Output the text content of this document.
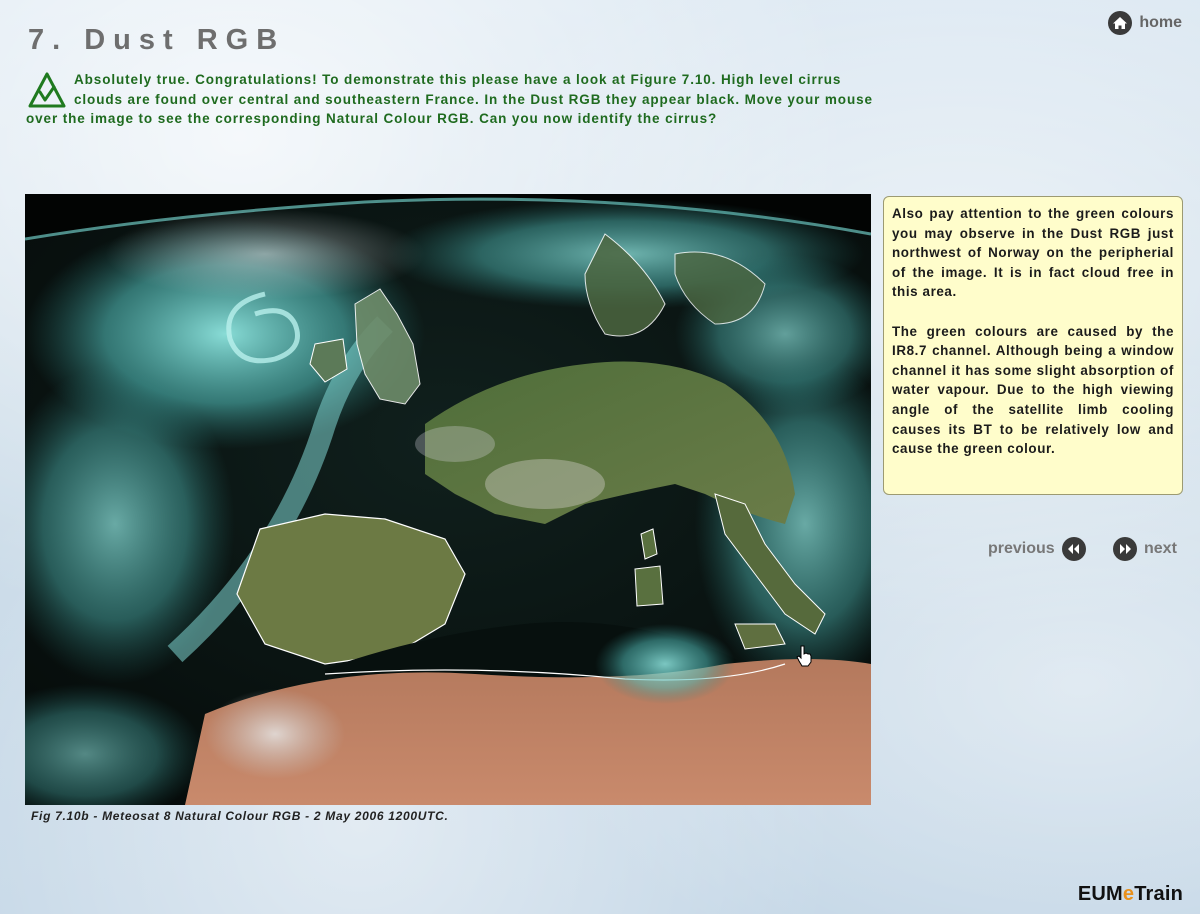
7. Dust RGB
home
Absolutely true. Congratulations! To demonstrate this please have a look at Figure 7.10. High level cirrus clouds are found over central and southeastern France. In the Dust RGB they appear black. Move your mouse over the image to see the corresponding Natural Colour RGB. Can you now identify the cirrus?
Fig 7.10b - Meteosat 8 Natural Colour RGB - 2 May 2006 1200UTC.

Also pay attention to the green colours you may observe in the Dust RGB just northwest of Norway on the peripherial of the image. It is in fact cloud free in this area.

The green colours are caused by the IR8.7 channel. Although being a window channel it has some slight absorption of water vapour. Due to the high viewing angle of the satellite limb cooling causes its BT to be relatively low and cause the green colour.

previous	next
EUMeTrain
